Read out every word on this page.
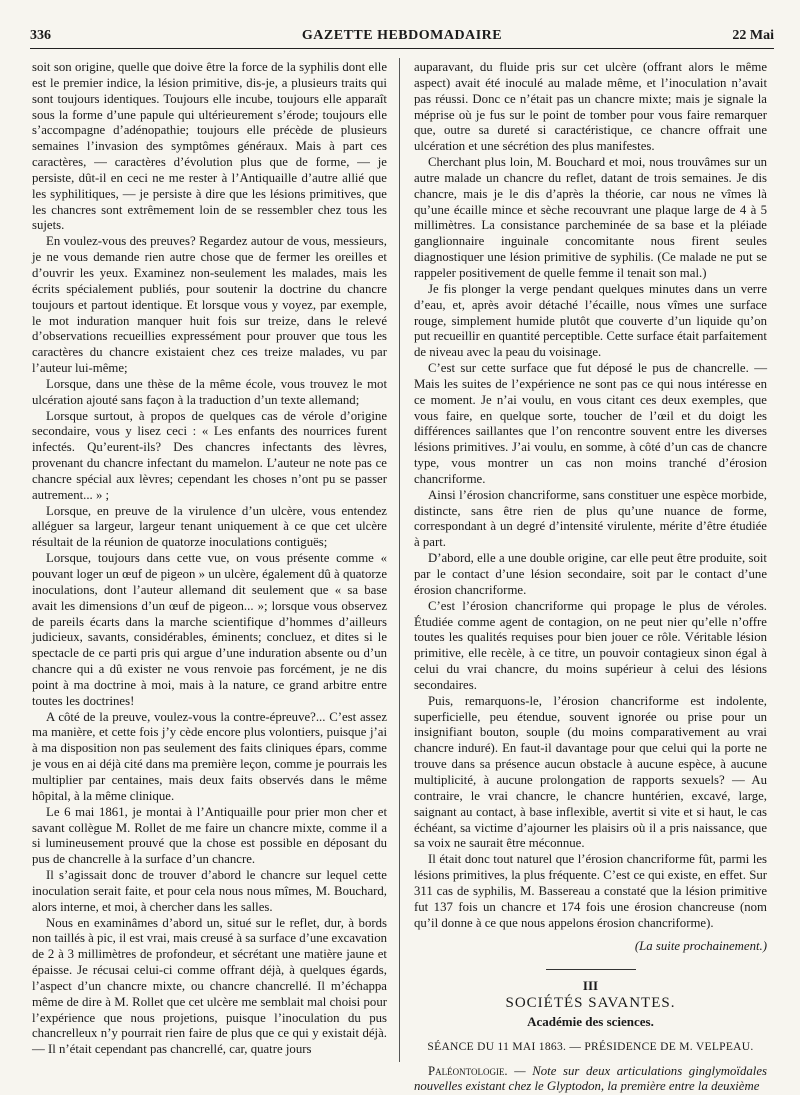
336	GAZETTE HEBDOMADAIRE	22 Mai

soit son origine, quelle que doive être la force de la syphilis dont elle est le premier indice, la lésion primitive, dis-je, a plusieurs traits qui sont toujours identiques. Toujours elle incube, toujours elle apparaît sous la forme d’une papule qui ultérieurement s’érode; toujours elle s’accompagne d’adénopathie; toujours elle précède de plusieurs semaines l’invasion des symptômes généraux. Mais à part ces caractères, — caractères d’évolution plus que de forme, — je persiste, dût-il en ceci ne me rester à l’Antiquaille d’autre allié que les syphilitiques, — je persiste à dire que les lésions primitives, que les chancres sont extrêmement loin de se ressembler chez tous les sujets.

En voulez-vous des preuves? Regardez autour de vous, messieurs, je ne vous demande rien autre chose que de fermer les oreilles et d’ouvrir les yeux. Examinez non-seulement les malades, mais les écrits spécialement publiés, pour soutenir la doctrine du chancre toujours et partout identique. Et lorsque vous y voyez, par exemple, le mot induration manquer huit fois sur treize, dans le relevé d’observations recueillies expressément pour prouver que tous les caractères du chancre existaient chez ces treize malades, vu par l’auteur lui-même;

Lorsque, dans une thèse de la même école, vous trouvez le mot ulcération ajouté sans façon à la traduction d’un texte allemand;

Lorsque surtout, à propos de quelques cas de vérole d’origine secondaire, vous y lisez ceci : « Les enfants des nourrices furent infectés. Qu’eurent-ils? Des chancres infectants des lèvres, provenant du chancre infectant du mamelon. L’auteur ne note pas ce chancre spécial aux lèvres; cependant les choses n’ont pu se passer autrement... » ;

Lorsque, en preuve de la virulence d’un ulcère, vous entendez alléguer sa largeur, largeur tenant uniquement à ce que cet ulcère résultait de la réunion de quatorze inoculations contiguës;

Lorsque, toujours dans cette vue, on vous présente comme « pouvant loger un œuf de pigeon » un ulcère, également dû à quatorze inoculations, dont l’auteur allemand dit seulement que « sa base avait les dimensions d’un œuf de pigeon... »; lorsque vous observez de pareils écarts dans la marche scientifique d’hommes d’ailleurs judicieux, savants, considérables, éminents; concluez, et dites si le spectacle de ce parti pris qui argue d’une induration absente ou d’un chancre qui a dû exister ne vous renvoie pas forcément, je ne dis point à ma doctrine à moi, mais à la nature, ce grand arbitre entre toutes les doctrines!

A côté de la preuve, voulez-vous la contre-épreuve?... C’est assez ma manière, et cette fois j’y cède encore plus volontiers, puisque j’ai à ma disposition non pas seulement des faits cliniques épars, comme je vous en ai déjà cité dans ma première leçon, comme je pourrais les multiplier par centaines, mais deux faits observés dans le même hôpital, à la même clinique.

Le 6 mai 1861, je montai à l’Antiquaille pour prier mon cher et savant collègue M. Rollet de me faire un chancre mixte, comme il a si lumineusement prouvé que la chose est possible en déposant du pus de chancrelle à la surface d’un chancre.

Il s’agissait donc de trouver d’abord le chancre sur lequel cette inoculation serait faite, et pour cela nous nous mîmes, M. Bouchard, alors interne, et moi, à chercher dans les salles.

Nous en examinâmes d’abord un, situé sur le reflet, dur, à bords non taillés à pic, il est vrai, mais creusé à sa surface d’une excavation de 2 à 3 millimètres de profondeur, et sécrétant une matière jaune et épaisse. Je récusai celui-ci comme offrant déjà, à quelques égards, l’aspect d’un chancre mixte, ou chancre chancrellé. Il m’échappa même de dire à M. Rollet que cet ulcère me semblait mal choisi pour l’expérience que nous projetions, puisque l’inoculation du pus chancrelleux n’y pourrait rien faire de plus que ce qui y existait déjà. — Il n’était cependant pas chancrellé, car, quatre jours

auparavant, du fluide pris sur cet ulcère (offrant alors le même aspect) avait été inoculé au malade même, et l’inoculation n’avait pas réussi. Donc ce n’était pas un chancre mixte; mais je signale la méprise où je fus sur le point de tomber pour vous faire remarquer que, outre sa dureté si caractéristique, ce chancre offrait une ulcération et une sécrétion des plus manifestes.

Cherchant plus loin, M. Bouchard et moi, nous trouvâmes sur un autre malade un chancre du reflet, datant de trois semaines. Je dis chancre, mais je le dis d’après la théorie, car nous ne vîmes là qu’une écaille mince et sèche recouvrant une plaque large de 4 à 5 millimètres. La consistance parcheminée de sa base et la pléiade ganglionnaire inguinale concomitante nous firent seules diagnostiquer une lésion primitive de syphilis. (Ce malade ne put se rappeler positivement de quelle femme il tenait son mal.)

Je fis plonger la verge pendant quelques minutes dans un verre d’eau, et, après avoir détaché l’écaille, nous vîmes une surface rouge, simplement humide plutôt que couverte d’un liquide qu’on put recueillir en quantité perceptible. Cette surface était parfaitement de niveau avec la peau du voisinage.

C’est sur cette surface que fut déposé le pus de chancrelle. — Mais les suites de l’expérience ne sont pas ce qui nous intéresse en ce moment. Je n’ai voulu, en vous citant ces deux exemples, que vous faire, en quelque sorte, toucher de l’œil et du doigt les différences saillantes que l’on rencontre souvent entre les diverses lésions primitives. J’ai voulu, en somme, à côté d’un cas de chancre type, vous montrer un cas non moins tranché d’érosion chancriforme.

Ainsi l’érosion chancriforme, sans constituer une espèce morbide, distincte, sans être rien de plus qu’une nuance de forme, correspondant à un degré d’intensité virulente, mérite d’être étudiée à part.

D’abord, elle a une double origine, car elle peut être produite, soit par le contact d’une lésion secondaire, soit par le contact d’une érosion chancriforme.

C’est l’érosion chancriforme qui propage le plus de véroles. Étudiée comme agent de contagion, on ne peut nier qu’elle n’offre toutes les qualités requises pour bien jouer ce rôle. Véritable lésion primitive, elle recèle, à ce titre, un pouvoir contagieux sinon égal à celui du vrai chancre, du moins supérieur à celui des lésions secondaires.

Puis, remarquons-le, l’érosion chancriforme est indolente, superficielle, peu étendue, souvent ignorée ou prise pour un insignifiant bouton, souple (du moins comparativement au vrai chancre induré). En faut-il davantage pour que celui qui la porte ne trouve dans sa présence aucun obstacle à aucune espèce, à aucune multiplicité, à aucune prolongation de rapports sexuels? — Au contraire, le vrai chancre, le chancre huntérien, excavé, large, saignant au contact, à base inflexible, avertit si vite et si haut, le cas échéant, sa victime d’ajourner les plaisirs où il a pris naissance, que sa voix ne saurait être méconnue.

Il était donc tout naturel que l’érosion chancriforme fût, parmi les lésions primitives, la plus fréquente. C’est ce qui existe, en effet. Sur 311 cas de syphilis, M. Bassereau a constaté que la lésion primitive fut 137 fois un chancre et 174 fois une érosion chancreuse (nom qu’il donne à ce que nous appelons érosion chancriforme).

(La suite prochainement.)

III

SOCIÉTÉS SAVANTES.

Académie des sciences.

SÉANCE DU 11 MAI 1863. — PRÉSIDENCE DE M. VELPEAU.

Paléontologie. — Note sur deux articulations ginglymoïdales nouvelles existant chez le Glyptodon, la première entre la deuxième
